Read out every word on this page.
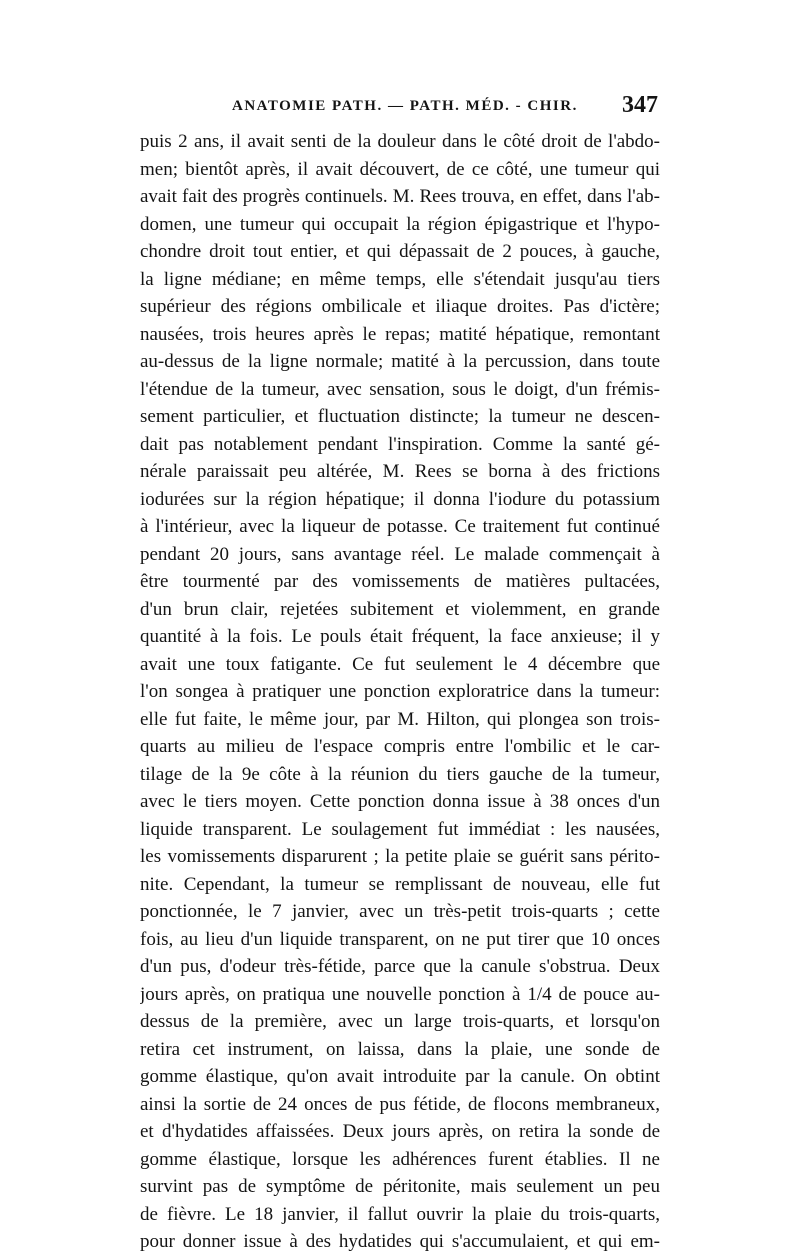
ANATOMIE PATH. — PATH. MÉD. - CHIR. 347
puis 2 ans, il avait senti de la douleur dans le côté droit de l'abdo-
men; bientôt après, il avait découvert, de ce côté, une tumeur qui
avait fait des progrès continuels. M. Rees trouva, en effet, dans l'ab-
domen, une tumeur qui occupait la région épigastrique et l'hypo-
chondre droit tout entier, et qui dépassait de 2 pouces, à gauche,
la ligne médiane; en même temps, elle s'étendait jusqu'au tiers
supérieur des régions ombilicale et iliaque droites. Pas d'ictère;
nausées, trois heures après le repas; matité hépatique, remontant
au-dessus de la ligne normale; matité à la percussion, dans toute
l'étendue de la tumeur, avec sensation, sous le doigt, d'un frémis-
sement particulier, et fluctuation distincte; la tumeur ne descen-
dait pas notablement pendant l'inspiration. Comme la santé gé-
nérale paraissait peu altérée, M. Rees se borna à des frictions
iodurées sur la région hépatique; il donna l'iodure du potassium
à l'intérieur, avec la liqueur de potasse. Ce traitement fut continué
pendant 20 jours, sans avantage réel. Le malade commençait à
être tourmenté par des vomissements de matières pultacées,
d'un brun clair, rejetées subitement et violemment, en grande
quantité à la fois. Le pouls était fréquent, la face anxieuse; il y
avait une toux fatigante. Ce fut seulement le 4 décembre que
l'on songea à pratiquer une ponction exploratrice dans la tumeur:
elle fut faite, le même jour, par M. Hilton, qui plongea son trois-
quarts au milieu de l'espace compris entre l'ombilic et le car-
tilage de la 9e côte à la réunion du tiers gauche de la tumeur,
avec le tiers moyen. Cette ponction donna issue à 38 onces d'un
liquide transparent. Le soulagement fut immédiat : les nausées,
les vomissements disparurent ; la petite plaie se guérit sans périto-
nite. Cependant, la tumeur se remplissant de nouveau, elle fut
ponctionnée, le 7 janvier, avec un très-petit trois-quarts ; cette
fois, au lieu d'un liquide transparent, on ne put tirer que 10 onces
d'un pus, d'odeur très-fétide, parce que la canule s'obstrua. Deux
jours après, on pratiqua une nouvelle ponction à 1/4 de pouce au-
dessus de la première, avec un large trois-quarts, et lorsqu'on
retira cet instrument, on laissa, dans la plaie, une sonde de
gomme élastique, qu'on avait introduite par la canule. On obtint
ainsi la sortie de 24 onces de pus fétide, de flocons membraneux,
et d'hydatides affaissées. Deux jours après, on retira la sonde de
gomme élastique, lorsque les adhérences furent établies. Il ne
survint pas de symptôme de péritonite, mais seulement un peu
de fièvre. Le 18 janvier, il fallut ouvrir la plaie du trois-quarts,
pour donner issue à des hydatides qui s'accumulaient, et qui em-
